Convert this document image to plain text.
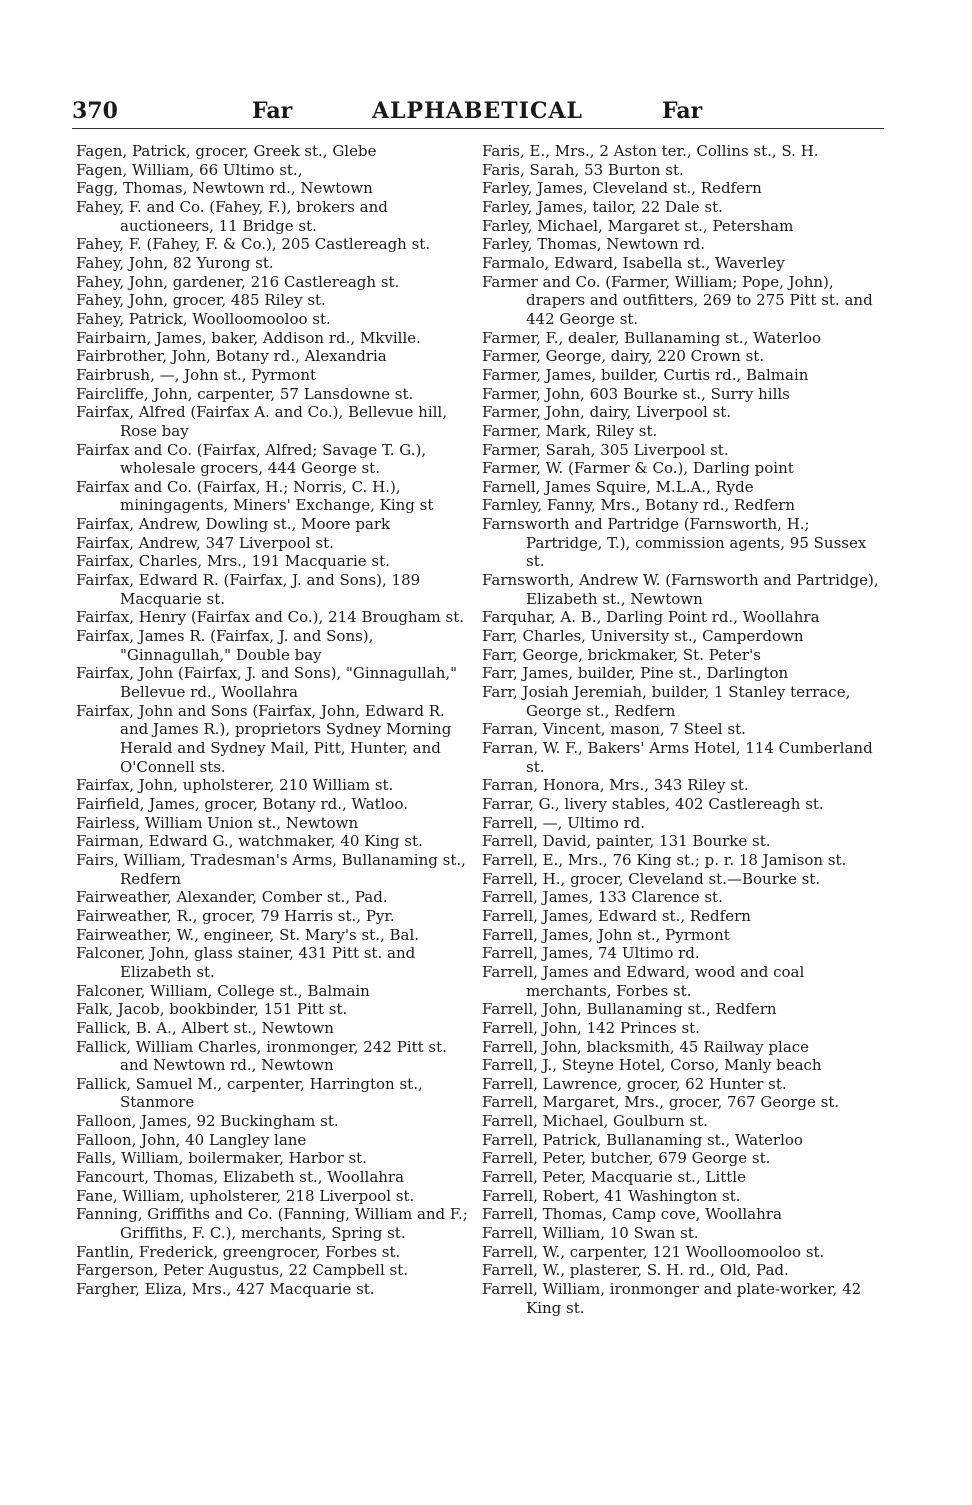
370	Far	ALPHABETICAL	Far
Fagen, Patrick, grocer, Greek st., Glebe
Fagen, William, 66 Ultimo st.,
Fagg, Thomas, Newtown rd., Newtown
Fahey, F. and Co. (Fahey, F.), brokers and auctioneers, 11 Bridge st.
Fahey, F. (Fahey, F. & Co.), 205 Castlereagh st.
Fahey, John, 82 Yurong st.
Fahey, John, gardener, 216 Castlereagh st.
Fahey, John, grocer, 485 Riley st.
Fahey, Patrick, Woolloomooloo st.
Fairbairn, James, baker, Addison rd., Mkville.
Fairbrother, John, Botany rd., Alexandria
Fairbrush, —, John st., Pyrmont
Faircliffe, John, carpenter, 57 Lansdowne st.
Fairfax, Alfred (Fairfax A. and Co.), Bellevue hill, Rose bay
Fairfax and Co. (Fairfax, Alfred; Savage T. G.), wholesale grocers, 444 George st.
Fairfax and Co. (Fairfax, H.; Norris, C. H.), miningagents, Miners' Exchange, King st
Fairfax, Andrew, Dowling st., Moore park
Fairfax, Andrew, 347 Liverpool st.
Fairfax, Charles, Mrs., 191 Macquarie st.
Fairfax, Edward R. (Fairfax, J. and Sons), 189 Macquarie st.
Fairfax, Henry (Fairfax and Co.), 214 Brougham st.
Fairfax, James R. (Fairfax, J. and Sons), "Ginnagullah," Double bay
Fairfax, John (Fairfax, J. and Sons), "Ginnagullah," Bellevue rd., Woollahra
Fairfax, John and Sons (Fairfax, John, Edward R. and James R.), proprietors Sydney Morning Herald and Sydney Mail, Pitt, Hunter, and O'Connell sts.
Fairfax, John, upholsterer, 210 William st.
Fairfield, James, grocer, Botany rd., Watloo.
Fairless, William Union st., Newtown
Fairman, Edward G., watchmaker, 40 King st.
Fairs, William, Tradesman's Arms, Bullanaming st., Redfern
Fairweather, Alexander, Comber st., Pad.
Fairweather, R., grocer, 79 Harris st., Pyr.
Fairweather, W., engineer, St. Mary's st., Bal.
Falconer, John, glass stainer, 431 Pitt st. and Elizabeth st.
Falconer, William, College st., Balmain
Falk, Jacob, bookbinder, 151 Pitt st.
Fallick, B. A., Albert st., Newtown
Fallick, William Charles, ironmonger, 242 Pitt st. and Newtown rd., Newtown
Fallick, Samuel M., carpenter, Harrington st., Stanmore
Falloon, James, 92 Buckingham st.
Falloon, John, 40 Langley lane
Falls, William, boilermaker, Harbor st.
Fancourt, Thomas, Elizabeth st., Woollahra
Fane, William, upholsterer, 218 Liverpool st.
Fanning, Griffiths and Co. (Fanning, William and F.; Griffiths, F. C.), merchants, Spring st.
Fantlin, Frederick, greengrocer, Forbes st.
Fargerson, Peter Augustus, 22 Campbell st.
Fargher, Eliza, Mrs., 427 Macquarie st.
Faris, E., Mrs., 2 Aston ter., Collins st., S. H.
Faris, Sarah, 53 Burton st.
Farley, James, Cleveland st., Redfern
Farley, James, tailor, 22 Dale st.
Farley, Michael, Margaret st., Petersham
Farley, Thomas, Newtown rd.
Farmalo, Edward, Isabella st., Waverley
Farmer and Co. (Farmer, William; Pope, John), drapers and outfitters, 269 to 275 Pitt st. and 442 George st.
Farmer, F., dealer, Bullanaming st., Waterloo
Farmer, George, dairy, 220 Crown st.
Farmer, James, builder, Curtis rd., Balmain
Farmer, John, 603 Bourke st., Surry hills
Farmer, John, dairy, Liverpool st.
Farmer, Mark, Riley st.
Farmer, Sarah, 305 Liverpool st.
Farmer, W. (Farmer & Co.), Darling point
Farnell, James Squire, M.L.A., Ryde
Farnley, Fanny, Mrs., Botany rd., Redfern
Farnsworth and Partridge (Farnsworth, H.; Partridge, T.), commission agents, 95 Sussex st.
Farnsworth, Andrew W. (Farnsworth and Partridge), Elizabeth st., Newtown
Farquhar, A. B., Darling Point rd., Woollahra
Farr, Charles, University st., Camperdown
Farr, George, brickmaker, St. Peter's
Farr, James, builder, Pine st., Darlington
Farr, Josiah Jeremiah, builder, 1 Stanley terrace, George st., Redfern
Farran, Vincent, mason, 7 Steel st.
Farran, W. F., Bakers' Arms Hotel, 114 Cumberland st.
Farran, Honora, Mrs., 343 Riley st.
Farrar, G., livery stables, 402 Castlereagh st.
Farrell, —, Ultimo rd.
Farrell, David, painter, 131 Bourke st.
Farrell, E., Mrs., 76 King st.; p. r. 18 Jamison st.
Farrell, H., grocer, Cleveland st.—Bourke st.
Farrell, James, 133 Clarence st.
Farrell, James, Edward st., Redfern
Farrell, James, John st., Pyrmont
Farrell, James, 74 Ultimo rd.
Farrell, James and Edward, wood and coal merchants, Forbes st.
Farrell, John, Bullanaming st., Redfern
Farrell, John, 142 Princes st.
Farrell, John, blacksmith, 45 Railway place
Farrell, J., Steyne Hotel, Corso, Manly beach
Farrell, Lawrence, grocer, 62 Hunter st.
Farrell, Margaret, Mrs., grocer, 767 George st.
Farrell, Michael, Goulburn st.
Farrell, Patrick, Bullanaming st., Waterloo
Farrell, Peter, butcher, 679 George st.
Farrell, Peter, Macquarie st., Little
Farrell, Robert, 41 Washington st.
Farrell, Thomas, Camp cove, Woollahra
Farrell, William, 10 Swan st.
Farrell, W., carpenter, 121 Woolloomooloo st.
Farrell, W., plasterer, S. H. rd., Old, Pad.
Farrell, William, ironmonger and plate-worker, 42 King st.
